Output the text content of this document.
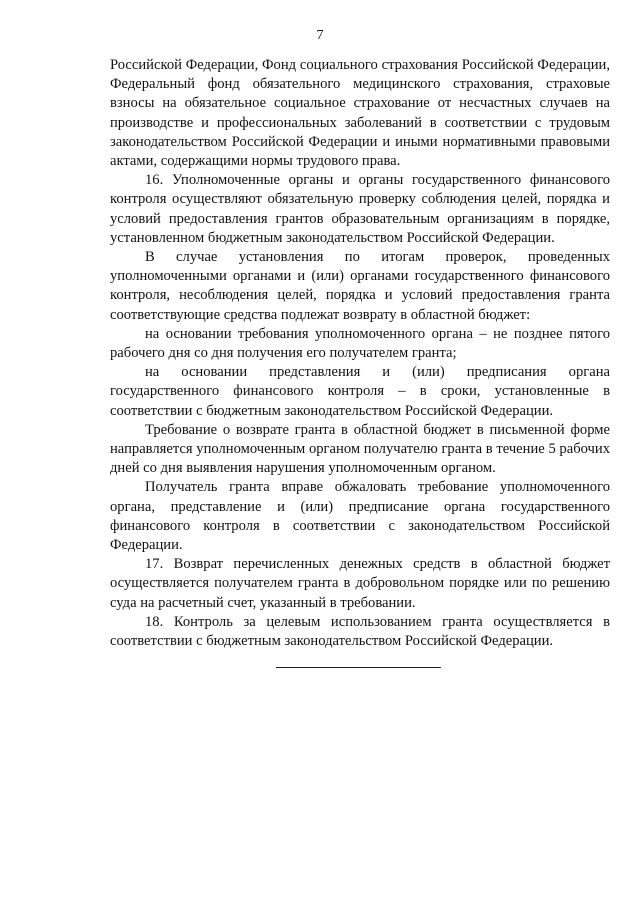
7

Российской Федерации, Фонд социального страхования Российской Федерации, Федеральный фонд обязательного медицинского страхования, страховые взносы на обязательное социальное страхование от несчастных случаев на производстве и профессиональных заболеваний в соответствии с трудовым законодательством Российской Федерации и иными нормативными правовыми актами, содержащими нормы трудового права.

16. Уполномоченные органы и органы государственного финансового контроля осуществляют обязательную проверку соблюдения целей, порядка и условий предоставления грантов образовательным организациям в порядке, установленном бюджетным законодательством Российской Федерации.

В случае установления по итогам проверок, проведенных уполномоченными органами и (или) органами государственного финансового контроля, несоблюдения целей, порядка и условий предоставления гранта соответствующие средства подлежат возврату в областной бюджет:

на основании требования уполномоченного органа – не позднее пятого рабочего дня со дня получения его получателем гранта;

на основании представления и (или) предписания органа государственного финансового контроля – в сроки, установленные в соответствии с бюджетным законодательством Российской Федерации.

Требование о возврате гранта в областной бюджет в письменной форме направляется уполномоченным органом получателю гранта в течение 5 рабочих дней со дня выявления нарушения уполномоченным органом.

Получатель гранта вправе обжаловать требование уполномоченного органа, представление и (или) предписание органа государственного финансового контроля в соответствии с законодательством Российской Федерации.

17. Возврат перечисленных денежных средств в областной бюджет осуществляется получателем гранта в добровольном порядке или по решению суда на расчетный счет, указанный в требовании.

18. Контроль за целевым использованием гранта осуществляется в соответствии с бюджетным законодательством Российской Федерации.
